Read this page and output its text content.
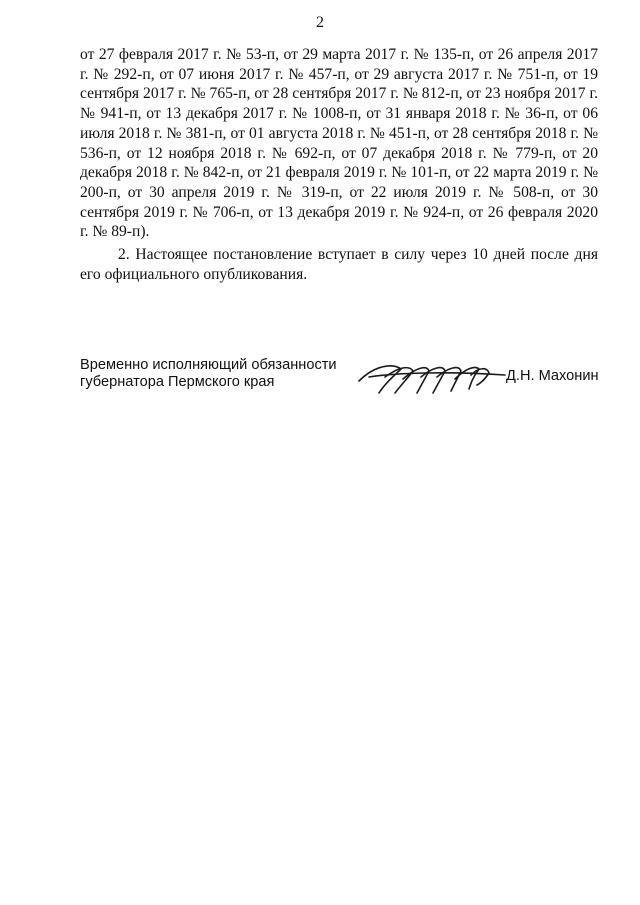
2

от 27 февраля 2017 г. № 53-п, от 29 марта 2017 г. № 135-п, от 26 апреля 2017 г. № 292-п, от 07 июня 2017 г. № 457-п, от 29 августа 2017 г. № 751-п, от 19 сентября 2017 г. № 765-п, от 28 сентября 2017 г. № 812-п, от 23 ноября 2017 г. № 941-п, от 13 декабря 2017 г. № 1008-п, от 31 января 2018 г. № 36-п, от 06 июля 2018 г. № 381-п, от 01 августа 2018 г. № 451-п, от 28 сентября 2018 г. № 536-п, от 12 ноября 2018 г. № 692-п, от 07 декабря 2018 г. № 779-п, от 20 декабря 2018 г. № 842-п, от 21 февраля 2019 г. № 101-п, от 22 марта 2019 г. № 200-п, от 30 апреля 2019 г. № 319-п, от 22 июля 2019 г. № 508-п, от 30 сентября 2019 г. № 706-п, от 13 декабря 2019 г. № 924-п, от 26 февраля 2020 г. № 89-п).

2. Настоящее постановление вступает в силу через 10 дней после дня его официального опубликования.

Временно исполняющий обязанности
губернатора Пермского края	Д.Н. Махонин
